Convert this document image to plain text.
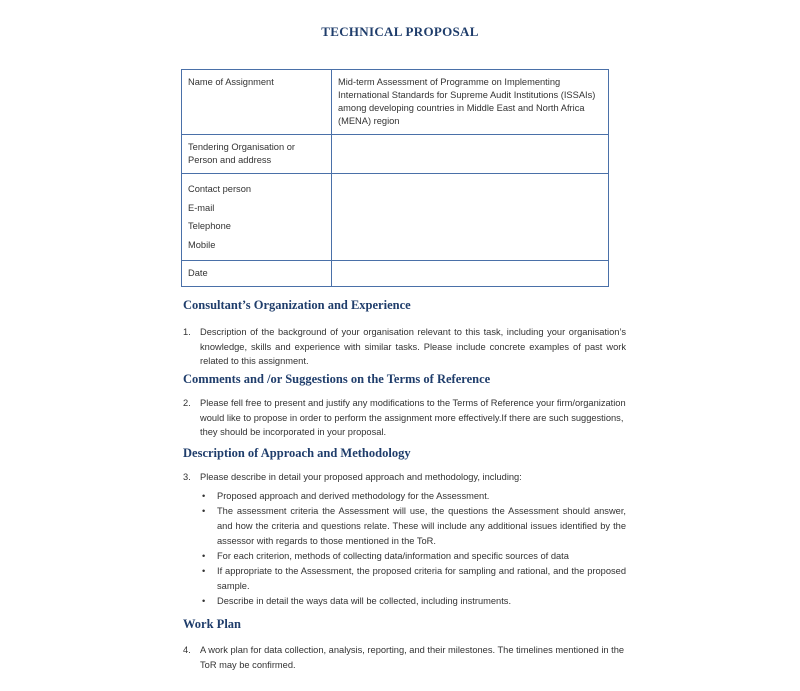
TECHNICAL PROPOSAL
Name of Assignment	Mid-term Assessment of Programme on Implementing International Standards for Supreme Audit Institutions (ISSAIs) among developing countries in Middle East and North Africa (MENA) region
Tendering Organisation or Person and address	

Contact person
E-mail
Telephone
Mobile	

Date	
Consultant’s Organization and Experience
1. Description of the background of your organisation relevant to this task, including your organisation’s knowledge, skills and experience with similar tasks. Please include concrete examples of past work related to this assignment.
Comments and /or Suggestions on the Terms of Reference
2. Please fell free to present and justify any modifications to the Terms of Reference your firm/organization would like to propose in order to perform the assignment more effectively.If there are such suggestions, they should be incorporated in your proposal.
Description of Approach and Methodology
3. Please describe in detail your proposed approach and methodology, including:
• Proposed approach and derived methodology for the Assessment.
• The assessment criteria the Assessment will use, the questions the Assessment should answer, and how the criteria and questions relate. These will include any additional issues identified by the assessor with regards to those mentioned in the ToR.
• For each criterion, methods of collecting data/information and specific sources of data
• If appropriate to the Assessment, the proposed criteria for sampling and rational, and the proposed sample.
• Describe in detail the ways data will be collected, including instruments.
Work Plan
4. A work plan for data collection, analysis, reporting, and their milestones. The timelines mentioned in the ToR may be confirmed.
